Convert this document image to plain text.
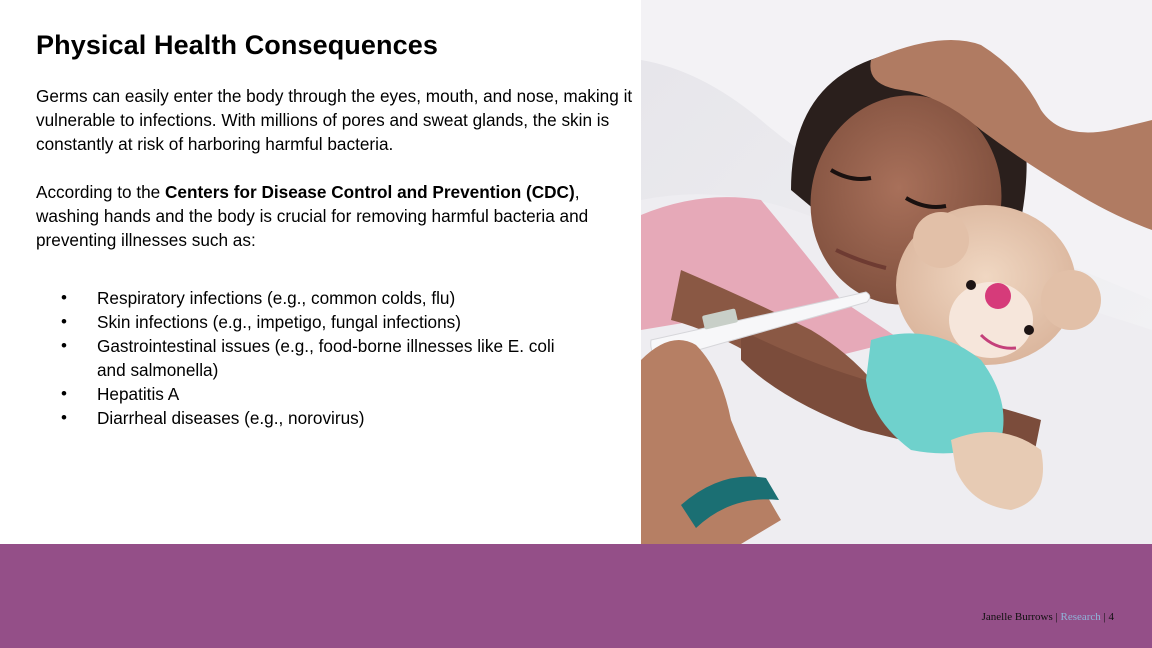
Physical Health Consequences
Germs can easily enter the body through the eyes, mouth, and nose, making it vulnerable to infections. With millions of pores and sweat glands, the skin is constantly at risk of harboring harmful bacteria.
According to the Centers for Disease Control and Prevention (CDC), washing hands and the body is crucial for removing harmful bacteria and preventing illnesses such as:
• Respiratory infections (e.g., common colds, flu)
• Skin infections (e.g., impetigo, fungal infections)
• Gastrointestinal issues (e.g., food-borne illnesses like E. coli and salmonella)
• Hepatitis A
• Diarrheal diseases (e.g., norovirus)
Janelle Burrows | Research | 4
